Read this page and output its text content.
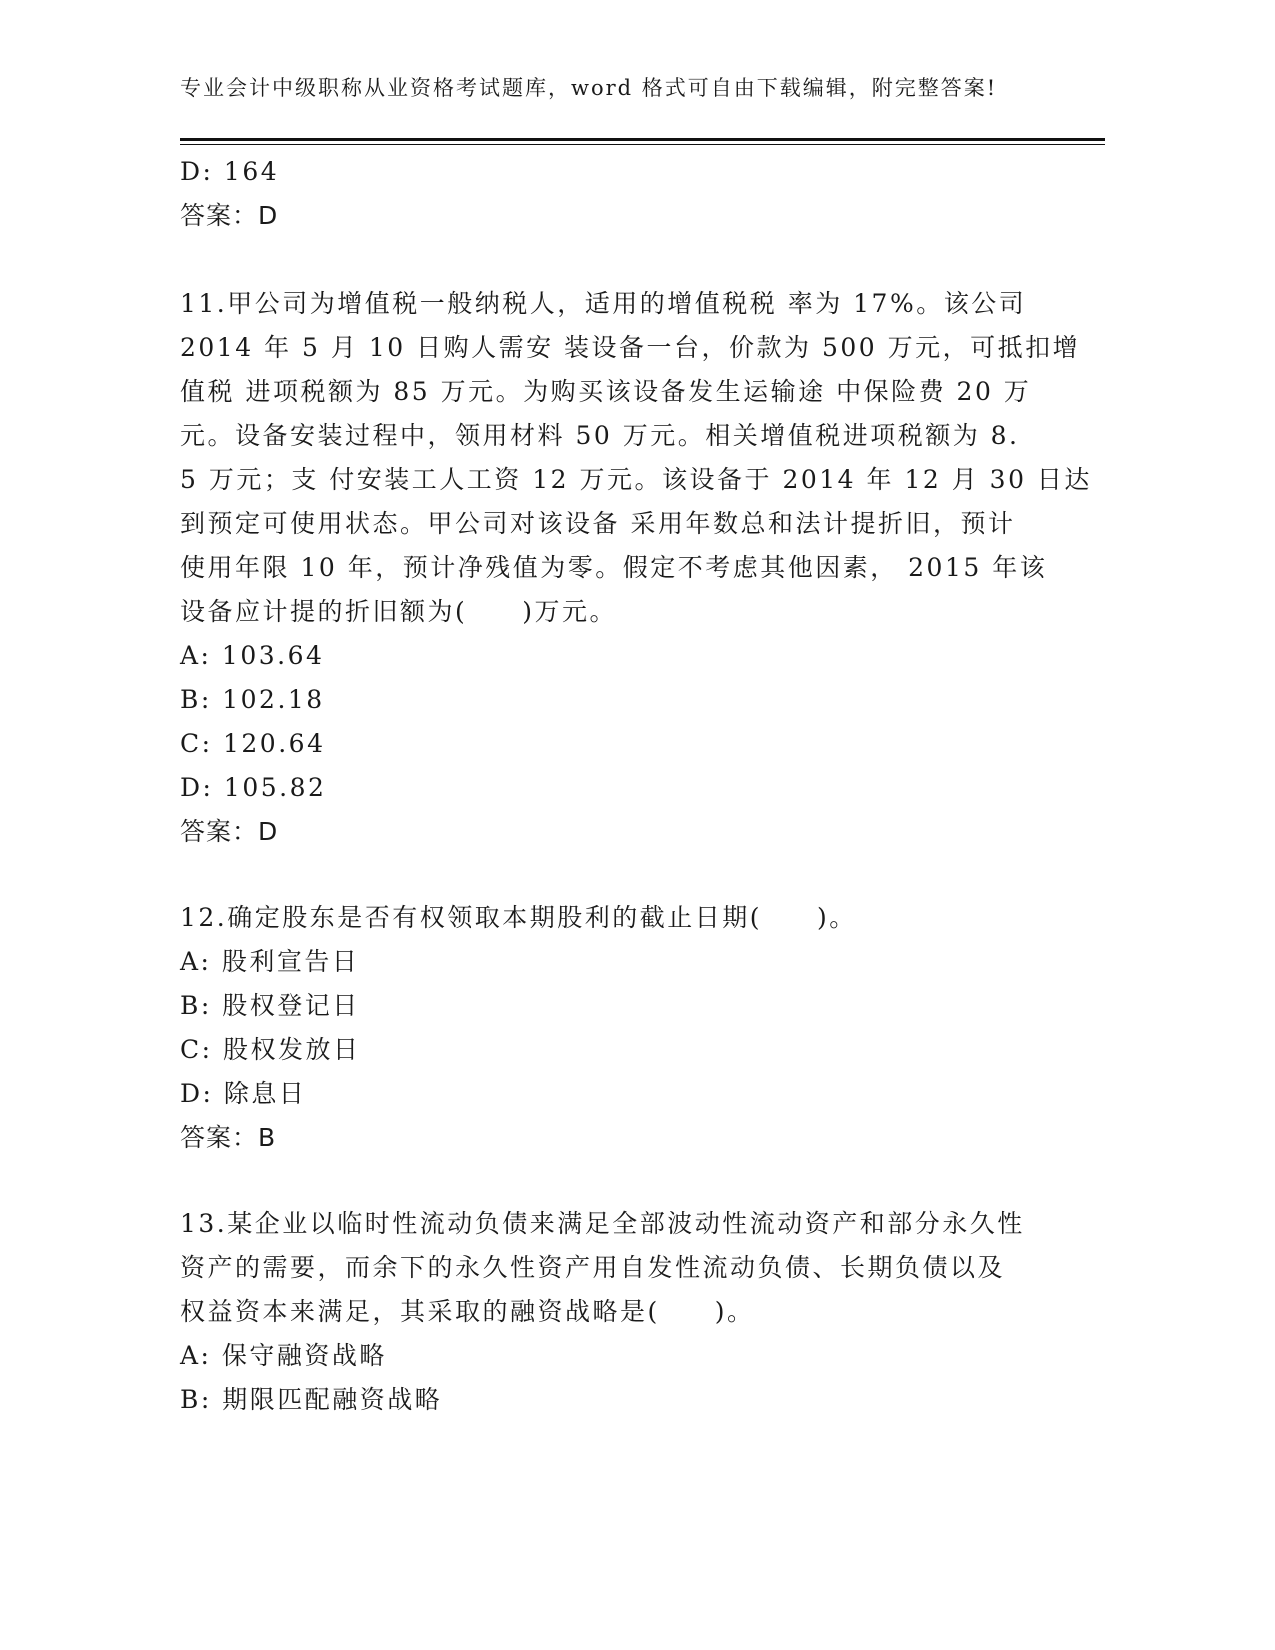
专业会计中级职称从业资格考试题库，word 格式可自由下载编辑，附完整答案!
D: 164
答案：D
11.甲公司为增值税一般纳税人，适用的增值税税 率为 17%。该公司
2014 年 5 月 10 日购人需安 装设备一台，价款为 500 万元，可抵扣增
值税 进项税额为 85 万元。为购买该设备发生运输途 中保险费 20 万
元。设备安装过程中，领用材料 50 万元。相关增值税进项税额为 8.
5 万元；支 付安装工人工资 12 万元。该设备于 2014 年 12 月 30 日达
到预定可使用状态。甲公司对该设备 采用年数总和法计提折旧，预计
使用年限 10 年，预计净残值为零。假定不考虑其他因素， 2015 年该
设备应计提的折旧额为(　　)万元。
A: 103.64
B: 102.18
C: 120.64
D: 105.82
答案：D
12.确定股东是否有权领取本期股利的截止日期(　　)。
A: 股利宣告日
B: 股权登记日
C: 股权发放日
D: 除息日
答案：B
13.某企业以临时性流动负债来满足全部波动性流动资产和部分永久性
资产的需要，而余下的永久性资产用自发性流动负债、长期负债以及
权益资本来满足，其采取的融资战略是(　　)。
A: 保守融资战略
B: 期限匹配融资战略
